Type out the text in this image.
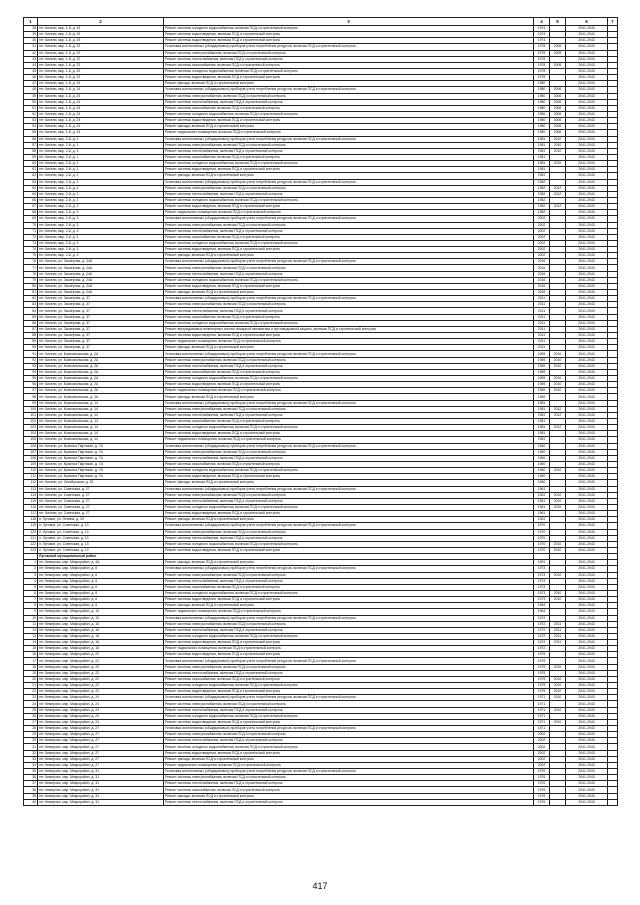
1	2	3	4	5	6	7
38	пгт. Кисели, мкр. 1-й, д. 19	Ремонт системы холодного водоснабжения, включая ПСД и строительный контроль	1974		2041-2043	
39	пгт. Кисели, мкр. 1-й, д. 19	Ремонт системы водоотведения, включая ПСД и строительный контроль	1974		2041-2043	
40	пгт. Кисели, мкр. 1-й, д. 19	Ремонт системы водоотведения, включая ПСД и строительный контроль	1974		2041-2043	
41	пгт. Кисели, мкр. 1-й, д. 22	Установка коллективных (общедомовых) приборов учета потребления ресурсов, включая ПСД и строительный контроль	1978	2005	2041-2043	
42	пгт. Кисели, мкр. 1-й, д. 22	Ремонт системы электроснабжения, включая ПСД и строительный контроль	1978	2005	2041-2043	
43	пгт. Кисели, мкр. 1-й, д. 22	Ремонт системы теплоснабжения, включая ПСД и строительный контроль	1978		2041-2043	
44	пгт. Кисели, мкр. 1-й, д. 22	Ремонт системы газоснабжения, включая ПСД и строительный контроль	1978	2005	2041-2043	
45	пгт. Кисели, мкр. 1-й, д. 22	Ремонт системы холодного водоснабжения, включая ПСД и строительный контроль	1978		2041-2043	
46	пгт. Кисели, мкр. 1-й, д. 22	Ремонт системы водоотведения, включая ПСД и строительный контроль	1978		2041-2043	
47	пгт. Кисели, мкр. 1-й, д. 24	Ремонт фасада, включая ПСД и строительный контроль	1980		2041-2043	
48	пгт. Кисели, мкр. 1-й, д. 24	Установка коллективных (общедомовых) приборов учета потребления ресурсов, включая ПСД и строительный контроль	1980	2006	2041-2043	
49	пгт. Кисели, мкр. 1-й, д. 24	Ремонт системы электроснабжения, включая ПСД и строительный контроль	1980	2006	2041-2043	
50	пгт. Кисели, мкр. 1-й, д. 24	Ремонт системы теплоснабжения, включая ПСД и строительный контроль	1980	2006	2041-2043	
51	пгт. Кисели, мкр. 1-й, д. 24	Ремонт системы газоснабжения, включая ПСД и строительный контроль	1980	2006	2041-2043	
52	пгт. Кисели, мкр. 1-й, д. 24	Ремонт системы холодного водоснабжения, включая ПСД и строительный контроль	1980	2006	2041-2043	
53	пгт. Кисели, мкр. 1-й, д. 24	Ремонт системы водоотведения, включая ПСД и строительный контроль	1980	2006	2041-2043	
54	пгт. Кисели, мкр. 1-й, д. 24	Ремонт фасада, включая ПСД и строительный контроль	1980	2006	2041-2043	
55	пгт. Кисели, мкр. 1-й, д. 24	Ремонт подвального помещения, включая ПСД и строительный контроль	1980	2006	2041-2043	
56	пгт. Кисели, мкр. 2-й, д. 1	Установка коллективных (общедомовых) приборов учета потребления ресурсов, включая ПСД и строительный контроль	1981	2010	2041-2043	
57	пгт. Кисели, мкр. 2-й, д. 1	Ремонт системы электроснабжения, включая ПСД и строительный контроль	1981	2010	2041-2043	
58	пгт. Кисели, мкр. 2-й, д. 1	Ремонт системы теплоснабжения, включая ПСД и строительный контроль	1981	2010	2041-2043	
59	пгт. Кисели, мкр. 2-й, д. 1	Ремонт системы газоснабжения, включая ПСД и строительный контроль	1981		2041-2043	
60	пгт. Кисели, мкр. 2-й, д. 1	Ремонт системы холодного водоснабжения, включая ПСД и строительный контроль	1981	2010	2041-2043	
61	пгт. Кисели, мкр. 2-й, д. 1	Ремонт системы водоотведения, включая ПСД и строительный контроль	1981		2041-2043	
62	пгт. Кисели, мкр. 2-й, д. 2	Ремонт фасада, включая ПСД и строительный контроль	1981		2041-2043	
63	пгт. Кисели, мкр. 2-й, д. 2	Установка коллективных (общедомовых) приборов учета потребления ресурсов, включая ПСД и строительный контроль	1982		2041-2043	
64	пгт. Кисели, мкр. 2-й, д. 2	Ремонт системы электроснабжения, включая ПСД и строительный контроль	1982	2012	2041-2043	
65	пгт. Кисели, мкр. 2-й, д. 2	Ремонт системы теплоснабжения, включая ПСД и строительный контроль	1982	2012	2041-2043	
66	пгт. Кисели, мкр. 2-й, д. 2	Ремонт системы холодного водоснабжения, включая ПСД и строительный контроль	1982		2041-2043	
67	пгт. Кисели, мкр. 2-й, д. 2	Ремонт системы водоотведения, включая ПСД и строительный контроль	1982	2012	2041-2043	
68	пгт. Кисели, мкр. 2-й, д. 3	Ремонт подвального помещения, включая ПСД и строительный контроль	1982		2041-2043	
69	пгт. Кисели, мкр. 2-й, д. 3	Установка коллективных (общедомовых) приборов учета потребления ресурсов, включая ПСД и строительный контроль	2002		2041-2043	
70	пгт. Кисели, мкр. 2-й, д. 3	Ремонт системы электроснабжения, включая ПСД и строительный контроль	2002		2041-2043	
71	пгт. Кисели, мкр. 2-й, д. 3	Ремонт системы теплоснабжения, включая ПСД и строительный контроль	2002		2041-2043	
72	пгт. Кисели, мкр. 2-й, д. 3	Ремонт системы газоснабжения, включая ПСД и строительный контроль	2002		2041-2043	
73	пгт. Кисели, мкр. 2-й, д. 3	Ремонт системы холодного водоснабжения, включая ПСД и строительный контроль	2002		2041-2043	
74	пгт. Кисели, мкр. 2-й, д. 3	Ремонт системы водоотведения, включая ПСД и строительный контроль	2002		2041-2043	
75	пгт. Кисели, мкр. 2-й, д. 3	Ремонт фасада, включая ПСД и строительный контроль	2002		2041-2043	
76	пгт. Кисели, ул. Заозерная, д. 24А	Установка коллективных (общедомовых) приборов учета потребления ресурсов, включая ПСД и строительный контроль	2016		2041-2043	
77	пгт. Кисели, ул. Заозерная, д. 24А	Ремонт системы электроснабжения, включая ПСД и строительный контроль	2016		2041-2043	
78	пгт. Кисели, ул. Заозерная, д. 24А	Ремонт системы теплоснабжения, включая ПСД и строительный контроль	2016		2041-2043	
79	пгт. Кисели, ул. Заозерная, д. 24А	Ремонт системы холодного водоснабжения, включая ПСД и строительный контроль	2016		2041-2043	
80	пгт. Кисели, ул. Заозерная, д. 24А	Ремонт системы водоотведения, включая ПСД и строительный контроль	2016		2041-2043	
81	пгт. Кисели, ул. Заозерная, д. 24А	Ремонт фасада, включая ПСД и строительный контроль	2016		2041-2043	
82	пгт. Кисели, ул. Заозерная, д. 37	Установка коллективных (общедомовых) приборов учета потребления ресурсов, включая ПСД и строительный контроль	2011		2041-2043	
83	пгт. Кисели, ул. Заозерная, д. 37	Ремонт системы электроснабжения, включая ПСД и строительный контроль	2011		2041-2043	
84	пгт. Кисели, ул. Заозерная, д. 37	Ремонт системы теплоснабжения, включая ПСД и строительный контроль	2011		2041-2043	
85	пгт. Кисели, ул. Заозерная, д. 37	Ремонт системы газоснабжения, включая ПСД и строительный контроль	2011		2041-2043	
86	пгт. Кисели, ул. Заозерная, д. 37	Ремонт системы холодного водоснабжения, включая ПСД и строительный контроль	2011		2041-2043	
87	пгт. Кисели, ул. Заозерная, д. 37	Ремонт внутридомовых инженерных систем пожарной автоматики и противодымной защиты, включая ПСД и строительный контроль	2011		2041-2043	
88	пгт. Кисели, ул. Заозерная, д. 37	Ремонт системы водоотведения, включая ПСД и строительный контроль	2011		2041-2043	
89	пгт. Кисели, ул. Заозерная, д. 37	Ремонт подвального помещения, включая ПСД и строительный контроль	2011		2041-2043	
90	пгт. Кисели, ул. Заозерная, д. 37	Ремонт фасада, включая ПСД и строительный контроль	2011		2041-2043	
91	пгт. Кисели, ул. Комсомольская, д. 2А	Установка коллективных (общедомовых) приборов учета потребления ресурсов, включая ПСД и строительный контроль	1969	2010	2041-2043	
92	пгт. Кисели, ул. Комсомольская, д. 2А	Ремонт системы электроснабжения, включая ПСД и строительный контроль	1969	2010	2041-2043	
93	пгт. Кисели, ул. Комсомольская, д. 2А	Ремонт системы теплоснабжения, включая ПСД и строительный контроль	1969	2010	2041-2043	
94	пгт. Кисели, ул. Комсомольская, д. 2А	Ремонт системы газоснабжения, включая ПСД и строительный контроль	1969		2041-2043	
95	пгт. Кисели, ул. Комсомольская, д. 2А	Ремонт системы холодного водоснабжения, включая ПСД и строительный контроль	1969	2010	2041-2043	
96	пгт. Кисели, ул. Комсомольская, д. 2А	Ремонт системы водоотведения, включая ПСД и строительный контроль	1969	2010	2041-2043	
97	пгт. Кисели, ул. Комсомольская, д. 2А	Ремонт подвального помещения, включая ПСД и строительный контроль	1969	2010	2041-2043	
98	пгт. Кисели, ул. Комсомольская, д. 2А	Ремонт фасада, включая ПСД и строительный контроль	1969		2041-2043	
99	пгт. Кисели, ул. Комсомольская, д. 14	Установка коллективных (общедомовых) приборов учета потребления ресурсов, включая ПСД и строительный контроль	1981		2041-2043	
100	пгт. Кисели, ул. Комсомольская, д. 14	Ремонт системы электроснабжения, включая ПСД и строительный контроль	1981	2012	2041-2043	
101	пгт. Кисели, ул. Комсомольская, д. 14	Ремонт системы теплоснабжения, включая ПСД и строительный контроль	1981	2012	2041-2043	
102	пгт. Кисели, ул. Комсомольская, д. 14	Ремонт системы газоснабжения, включая ПСД и строительный контроль	1981		2041-2043	
103	пгт. Кисели, ул. Комсомольская, д. 14	Ремонт системы холодного водоснабжения, включая ПСД и строительный контроль	1981	2012	2041-2043	
104	пгт. Кисели, ул. Комсомольская, д. 14	Ремонт системы водоотведения, включая ПСД и строительный контроль	1981		2041-2043	
105	пгт. Кисели, ул. Комсомольская, д. 14	Ремонт подвального помещения, включая ПСД и строительный контроль	1981		2041-2043	
106	пгт. Кисели, ул. Красных Партизан, д. 7А	Установка коллективных (общедомовых) приборов учета потребления ресурсов, включая ПСД и строительный контроль	1960		2041-2043	
107	пгт. Кисели, ул. Красных Партизан, д. 7А	Ремонт системы электроснабжения, включая ПСД и строительный контроль	1960		2041-2043	
108	пгт. Кисели, ул. Красных Партизан, д. 7А	Ремонт системы теплоснабжения, включая ПСД и строительный контроль	1960		2041-2043	
109	пгт. Кисели, ул. Красных Партизан, д. 7А	Ремонт системы газоснабжения, включая ПСД и строительный контроль	1960		2041-2043	
110	пгт. Кисели, ул. Красных Партизан, д. 7А	Ремонт системы холодного водоснабжения, включая ПСД и строительный контроль	1960	2010	2041-2043	
111	пгт. Кисели, ул. Красных Партизан, д. 7А	Ремонт системы водоотведения, включая ПСД и строительный контроль	1960		2041-2043	
112	пгт. Кисели, ул. Октябрьская, д. 52	Ремонт фасада, включая ПСД и строительный контроль	1960		2041-2043	
113	пгт. Кисели, ул. Советская, д. 27	Установка коллективных (общедомовых) приборов учета потребления ресурсов, включая ПСД и строительный контроль	1961		2041-2043	
114	пгт. Кисели, ул. Советская, д. 27	Ремонт системы электроснабжения, включая ПСД и строительный контроль	1961	2010	2041-2043	
115	пгт. Кисели, ул. Советская, д. 27	Ремонт системы теплоснабжения, включая ПСД и строительный контроль	1961	2010	2041-2043	
116	пгт. Кисели, ул. Советская, д. 27	Ремонт системы холодного водоснабжения, включая ПСД и строительный контроль	1961	2010	2041-2043	
117	пгт. Кисели, ул. Советская, д. 27	Ремонт системы водоотведения, включая ПСД и строительный контроль	1961		2041-2043	
118	п. Луговое, ул. Ленина, д. 33	Ремонт фасада, включая ПСД и строительный контроль	1961		2041-2043	
119	п. Луговое, ул. Советская, д. 13	Установка коллективных (общедомовых) приборов учета потребления ресурсов, включая ПСД и строительный контроль	1970		2041-2043	
120	п. Луговое, ул. Советская, д. 13	Ремонт системы электроснабжения, включая ПСД и строительный контроль	1970		2041-2043	
121	п. Луговое, ул. Советская, д. 13	Ремонт системы теплоснабжения, включая ПСД и строительный контроль	1970		2041-2043	
122	п. Луговое, ул. Советская, д. 13	Ремонт системы холодного водоснабжения, включая ПСД и строительный контроль	1970	2010	2041-2043	
123	п. Луговое, ул. Советская, д. 13	Ремонт системы водоотведения, включая ПСД и строительный контроль	1970	2010	2041-2043	
	Луговской муниципальный район					
1	пгт. Кемерово, мкр. Микрорайон, д. 4А	Ремонт фасада, включая ПСД и строительный контроль	1991		2041-2043	
2	пгт. Кемерово, мкр. Микрорайон, д. 6	Установка коллективных (общедомовых) приборов учета потребления ресурсов, включая ПСД и строительный контроль	1973		2041-2043	
3	пгт. Кемерово, мкр. Микрорайон, д. 6	Ремонт системы электроснабжения, включая ПСД и строительный контроль	1973	2010	2041-2043	
4	пгт. Кемерово, мкр. Микрорайон, д. 6	Ремонт системы теплоснабжения, включая ПСД и строительный контроль	1973		2041-2043	
5	пгт. Кемерово, мкр. Микрорайон, д. 6	Ремонт системы газоснабжения, включая ПСД и строительный контроль	1973		2041-2043	
6	пгт. Кемерово, мкр. Микрорайон, д. 6	Ремонт системы холодного водоснабжения, включая ПСД и строительный контроль	1973	2010	2041-2043	
7	пгт. Кемерово, мкр. Микрорайон, д. 6	Ремонт системы водоотведения, включая ПСД и строительный контроль	1973	2010	2041-2043	
8	пгт. Кемерово, мкр. Микрорайон, д. 6	Ремонт фасада, включая ПСД и строительный контроль	1964		2041-2043	
9	пгт. Кемерово, мкр. Микрорайон, д. 10	Ремонт подвального помещения, включая ПСД и строительный контроль	1964		2041-2043	
10	пгт. Кемерово, мкр. Микрорайон, д. 10	Установка коллективных (общедомовых) приборов учета потребления ресурсов, включая ПСД и строительный контроль	1972		2041-2043	
11	пгт. Кемерово, мкр. Микрорайон, д. 16	Ремонт системы электроснабжения, включая ПСД и строительный контроль	1972	2011	2041-2043	
12	пгт. Кемерово, мкр. Микрорайон, д. 16	Ремонт системы теплоснабжения, включая ПСД и строительный контроль	1972	2011	2041-2043	
13	пгт. Кемерово, мкр. Микрорайон, д. 16	Ремонт системы холодного водоснабжения, включая ПСД и строительный контроль	1972	2011	2041-2043	
14	пгт. Кемерово, мкр. Микрорайон, д. 16	Ремонт системы водоотведения, включая ПСД и строительный контроль	1972	2011	2041-2043	
15	пгт. Кемерово, мкр. Микрорайон, д. 16	Ремонт подвального помещения, включая ПСД и строительный контроль	1972		2041-2043	
16	пгт. Кемерово, мкр. Микрорайон, д. 22	Ремонт системы водоотведения, включая ПСД и строительный контроль	1975		2041-2043	
17	пгт. Кемерово, мкр. Микрорайон, д. 22	Установка коллективных (общедомовых) приборов учета потребления ресурсов, включая ПСД и строительный контроль	1975		2041-2043	
18	пгт. Кемерово, мкр. Микрорайон, д. 22	Ремонт системы электроснабжения, включая ПСД и строительный контроль	1975	2010	2041-2043	
19	пгт. Кемерово, мкр. Микрорайон, д. 22	Ремонт системы теплоснабжения, включая ПСД и строительный контроль	1975		2041-2043	
20	пгт. Кемерово, мкр. Микрорайон, д. 22	Ремонт системы газоснабжения, включая ПСД и строительный контроль	1975	2010	2041-2043	
21	пгт. Кемерово, мкр. Микрорайон, д. 22	Ремонт системы холодного водоснабжения, включая ПСД и строительный контроль	1975	2010	2041-2043	
22	пгт. Кемерово, мкр. Микрорайон, д. 22	Ремонт системы водоотведения, включая ПСД и строительный контроль	1975	2010	2041-2043	
23	пгт. Кемерово, мкр. Микрорайон, д. 24	Установка коллективных (общедомовых) приборов учета потребления ресурсов, включая ПСД и строительный контроль	1971	2010	2041-2043	
24	пгт. Кемерово, мкр. Микрорайон, д. 24	Ремонт системы электроснабжения, включая ПСД и строительный контроль	1971		2041-2043	
25	пгт. Кемерово, мкр. Микрорайон, д. 24	Ремонт системы теплоснабжения, включая ПСД и строительный контроль	1971	2010	2041-2043	
26	пгт. Кемерово, мкр. Микрорайон, д. 24	Ремонт системы холодного водоснабжения, включая ПСД и строительный контроль	1971		2041-2043	
27	пгт. Кемерово, мкр. Микрорайон, д. 24	Ремонт системы водоотведения, включая ПСД и строительный контроль	1971	2010	2041-2043	
28	пгт. Кемерово, мкр. Микрорайон, д. 27	Установка коллективных (общедомовых) приборов учета потребления ресурсов, включая ПСД и строительный контроль	1971		2041-2043	
29	пгт. Кемерово, мкр. Микрорайон, д. 27	Ремонт системы электроснабжения, включая ПСД и строительный контроль	2002		2041-2043	
30	пгт. Кемерово, мкр. Микрорайон, д. 27	Ремонт системы теплоснабжения, включая ПСД и строительный контроль	2002		2041-2043	
31	пгт. Кемерово, мкр. Микрорайон, д. 27	Ремонт системы холодного водоснабжения, включая ПСД и строительный контроль	2002		2041-2043	
32	пгт. Кемерово, мкр. Микрорайон, д. 27	Ремонт системы водоотведения, включая ПСД и строительный контроль	2002		2041-2043	
33	пгт. Кемерово, мкр. Микрорайон, д. 27	Ремонт фасада, включая ПСД и строительный контроль	2002		2041-2043	
34	пгт. Кемерово, мкр. Микрорайон, д. 27	Ремонт подвального помещения, включая ПСД и строительный контроль	2002		2041-2043	
35	пгт. Кемерово, мкр. Микрорайон, д. 31	Установка коллективных (общедомовых) приборов учета потребления ресурсов, включая ПСД и строительный контроль	1976		2041-2043	
36	пгт. Кемерово, мкр. Микрорайон, д. 31	Ремонт системы электроснабжения, включая ПСД и строительный контроль	1976		2041-2043	
37	пгт. Кемерово, мкр. Микрорайон, д. 31	Ремонт системы теплоснабжения, включая ПСД и строительный контроль	1976		2041-2043	
38	пгт. Кемерово, мкр. Микрорайон, д. 31	Ремонт системы газоснабжения, включая ПСД и строительный контроль	1976		2041-2043	
39	пгт. Кемерово, мкр. Микрорайон, д. 31	Ремонт фасада, включая ПСД и строительный контроль	1976		2041-2043	
40	пгт. Кемерово, мкр. Микрорайон, д. 31	Ремонт системы теплоснабжения, включая ПСД и строительный контроль	1976		2041-2043	
417
